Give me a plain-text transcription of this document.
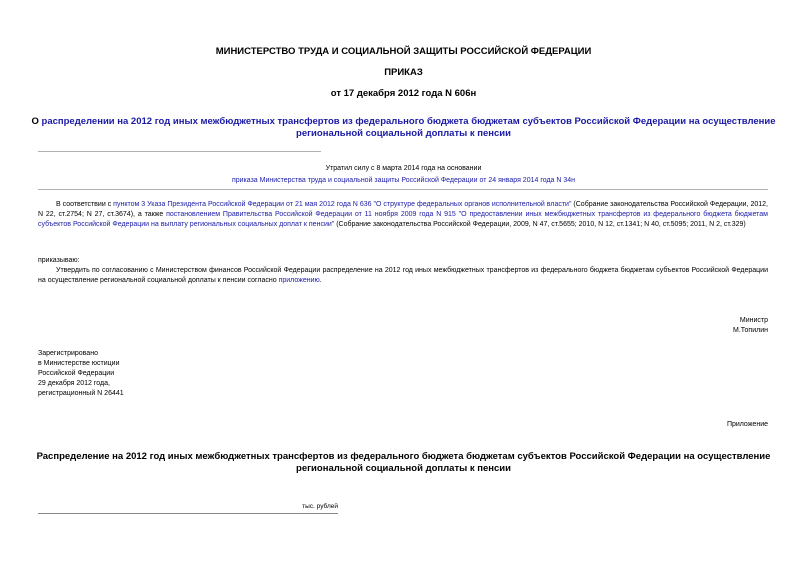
МИНИСТЕРСТВО ТРУДА И СОЦИАЛЬНОЙ ЗАЩИТЫ РОССИЙСКОЙ ФЕДЕРАЦИИ
ПРИКАЗ
от 17 декабря 2012 года N 606н
О распределении на 2012 год иных межбюджетных трансфертов из федерального бюджета бюджетам субъектов Российской Федерации на осуществление
региональной социальной доплаты к пенсии
Утратил силу с 8 марта 2014 года на основании
приказа Министерства труда и социальной защиты Российской Федерации от 24 января 2014 года N 34н
В соответствии с пунктом 3 Указа Президента Российской Федерации от 21 мая 2012 года N 636 "О структуре федеральных органов исполнительной власти" (Собрание законодательства Российской Федерации, 2012, N 22, ст.2754; N 27, ст.3674), а также постановлением Правительства Российской Федерации от 11 ноября 2009 года N 915 "О предоставлении иных межбюджетных трансфертов из федерального бюджета бюджетам субъектов Российской Федерации на выплату региональных социальных доплат к пенсии" (Собрание законодательства Российской Федерации, 2009, N 47, ст.5655; 2010, N 12, ст.1341; N 40, ст.5095; 2011, N 2, ст.329)
приказываю:
Утвердить по согласованию с Министерством финансов Российской Федерации распределение на 2012 год иных межбюджетных трансфертов из федерального бюджета бюджетам субъектов Российской Федерации на осуществление региональной социальной доплаты к пенсии согласно приложению.
Министр
М.Топилин
Зарегистрировано
в Министерстве юстиции
Российской Федерации
29 декабря 2012 года,
регистрационный N 26441
Приложение
Распределение на 2012 год иных межбюджетных трансфертов из федерального бюджета бюджетам субъектов Российской Федерации на осуществление
региональной социальной доплаты к пенсии
тыс. рублей
